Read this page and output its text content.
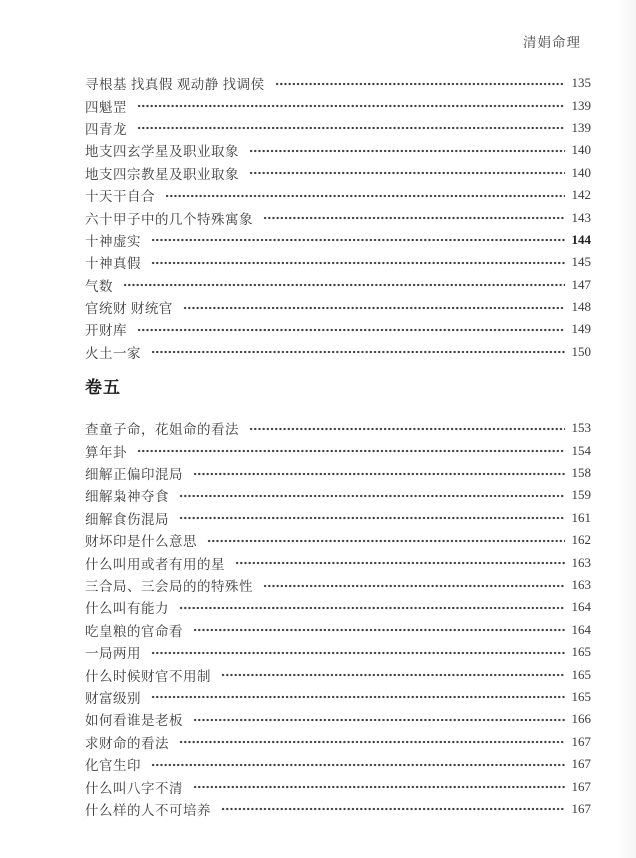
清娟命理
寻根基 找真假 观动静 找调侯	135
四魁罡	139
四青龙	139
地支四玄学星及职业取象	140
地支四宗教星及职业取象	140
十天干自合	142
六十甲子中的几个特殊寓象	143
十神虚实	144
十神真假	145
气数	147
官统财 财统官	148
开财库	149
火土一家	150
卷五
查童子命，花姐命的看法	153
算年卦	154
细解正偏印混局	158
细解枭神夺食	159
细解食伤混局	161
财坏印是什么意思	162
什么叫用或者有用的星	163
三合局、三会局的的特殊性	163
什么叫有能力	164
吃皇粮的官命看	164
一局两用	165
什么时候财官不用制	165
财富级别	165
如何看谁是老板	166
求财命的看法	167
化官生印	167
什么叫八字不清	167
什么样的人不可培养	167
